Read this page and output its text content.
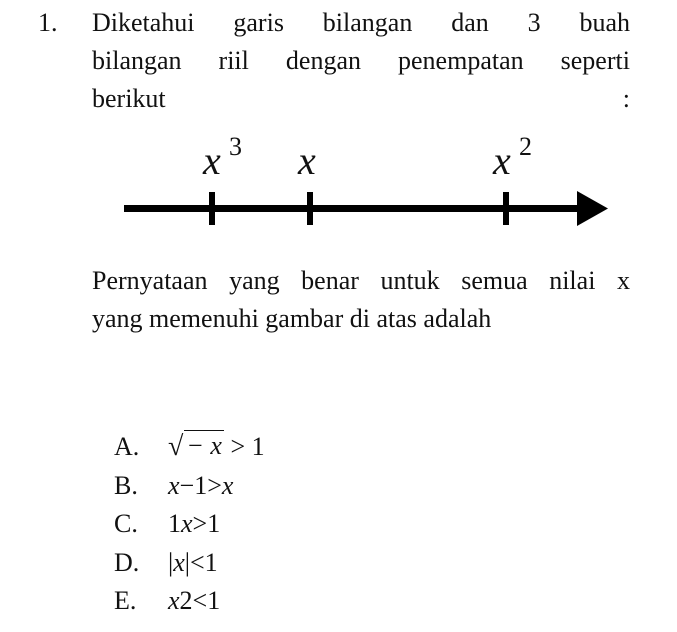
1. Diketahui garis bilangan dan 3 buah
bilangan riil dengan penempatan seperti
berikut	:
x 3 x	x 2
Pernyataan yang benar untuk semua nilai x
yang memenuhi gambar di atas adalah
A.	√ − x > 1
B.	x−1>x
C.	1x>1
D.	|x|<1
E.	x2<1
